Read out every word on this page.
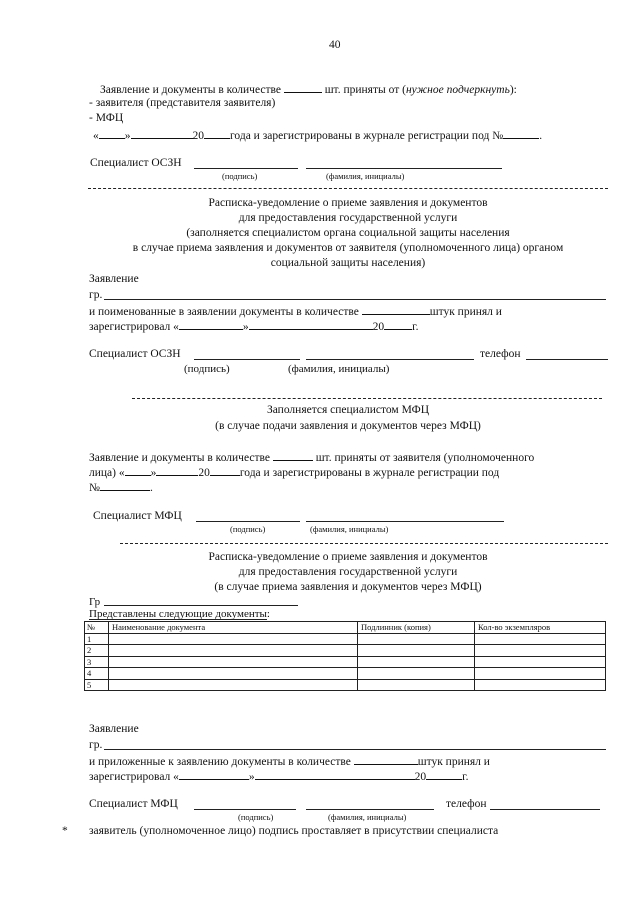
40
Заявление и документы в количестве	шт. приняты от (нужное подчеркнуть):
- заявителя (представителя заявителя)
- МФЦ
« »	20 года и зарегистрированы в журнале регистрации под №	.
Специалист ОСЗН
(подпись)	(фамилия, инициалы)
Расписка-уведомление о приеме заявления и документов
для предоставления государственной услуги
(заполняется специалистом органа социальной защиты населения
в случае приема заявления и документов от заявителя (уполномоченного лица) органом
социальной защиты населения)
Заявление
гр.
и поименованные в заявлении документы в количестве	штук принял и
зарегистрировал «	»	20 г.
Специалист ОСЗН	телефон
(подпись)	(фамилия, инициалы)
Заполняется специалистом МФЦ
(в случае подачи заявления и документов через МФЦ)
Заявление и документы в количестве	шт. приняты от заявителя (уполномоченного
лица) « »	20	года и зарегистрированы в журнале регистрации под
№	.
Специалист МФЦ
(подпись)	(фамилия, инициалы)
Расписка-уведомление о приеме заявления и документов
для предоставления государственной услуги
(в случае приема заявления и документов через МФЦ)
Гр
Представлены следующие документы:
№	Наименование документа	Подлинник (копия)	Кол-во экземпляров
1			
2			
3			
4			
5			
Заявление
гр.
и приложенные к заявлению документы в количестве	штук принял и
зарегистрировал «	»	20	г.
Специалист МФЦ	телефон
(подпись)	(фамилия, инициалы)
* заявитель (уполномоченное лицо) подпись проставляет в присутствии специалиста
